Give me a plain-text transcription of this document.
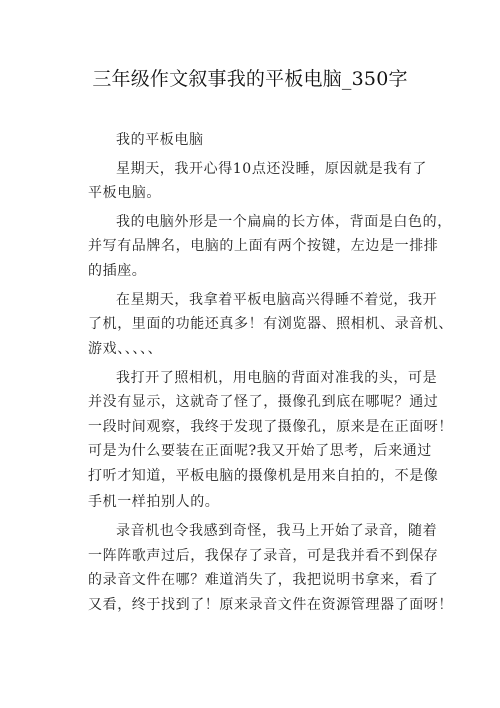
三年级作文叙事我的平板电脑_350字
我的平板电脑
星期天，我开心得10点还没睡，原因就是我有了
平板电脑。
我的电脑外形是一个扁扁的长方体，背面是白色的，
并写有品牌名，电脑的上面有两个按键，左边是一排排
的插座。
在星期天，我拿着平板电脑高兴得睡不着觉，我开
了机，里面的功能还真多！有浏览器、照相机、录音机、
游戏、、、、、
我打开了照相机，用电脑的背面对准我的头，可是
并没有显示，这就奇了怪了，摄像孔到底在哪呢？通过
一段时间观察，我终于发现了摄像孔，原来是在正面呀！
可是为什么要装在正面呢?我又开始了思考，后来通过
打听才知道，平板电脑的摄像机是用来自拍的，不是像
手机一样拍别人的。
录音机也令我感到奇怪，我马上开始了录音，随着
一阵阵歌声过后，我保存了录音，可是我并看不到保存
的录音文件在哪？难道消失了，我把说明书拿来，看了
又看，终于找到了！原来录音文件在资源管理器了面呀！
